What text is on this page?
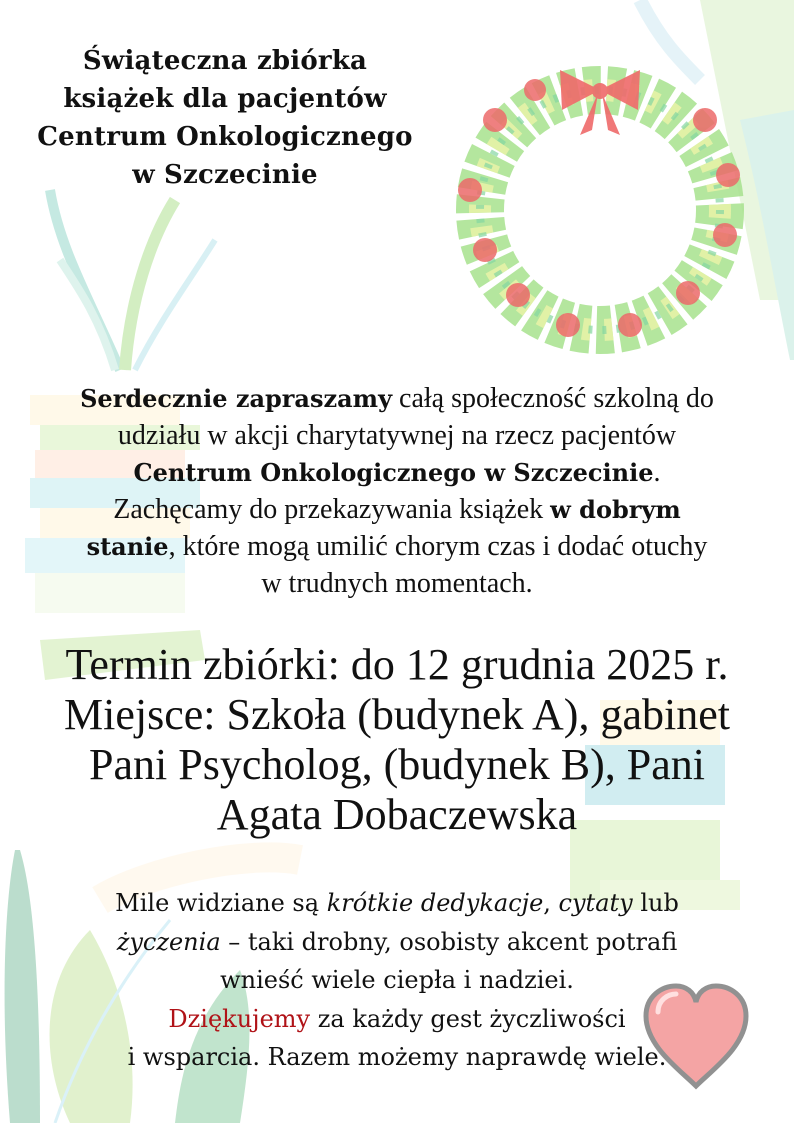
Świąteczna zbiórka
książek dla pacjentów
Centrum Onkologicznego
w Szczecinie
Serdecznie zapraszamy całą społeczność szkolną do
udziału w akcji charytatywnej na rzecz pacjentów
Centrum Onkologicznego w Szczecinie.
Zachęcamy do przekazywania książek w dobrym
stanie, które mogą umilić chorym czas i dodać otuchy
w trudnych momentach.
Termin zbiórki: do 12 grudnia 2025 r.
Miejsce: Szkoła (budynek A), gabinet
Pani Psycholog, (budynek B), Pani
Agata Dobaczewska
Mile widziane są krótkie dedykacje, cytaty lub
życzenia – taki drobny, osobisty akcent potrafi
wnieść wiele ciepła i nadziei.
Dziękujemy za każdy gest życzliwości
i wsparcia. Razem możemy naprawdę wiele.
